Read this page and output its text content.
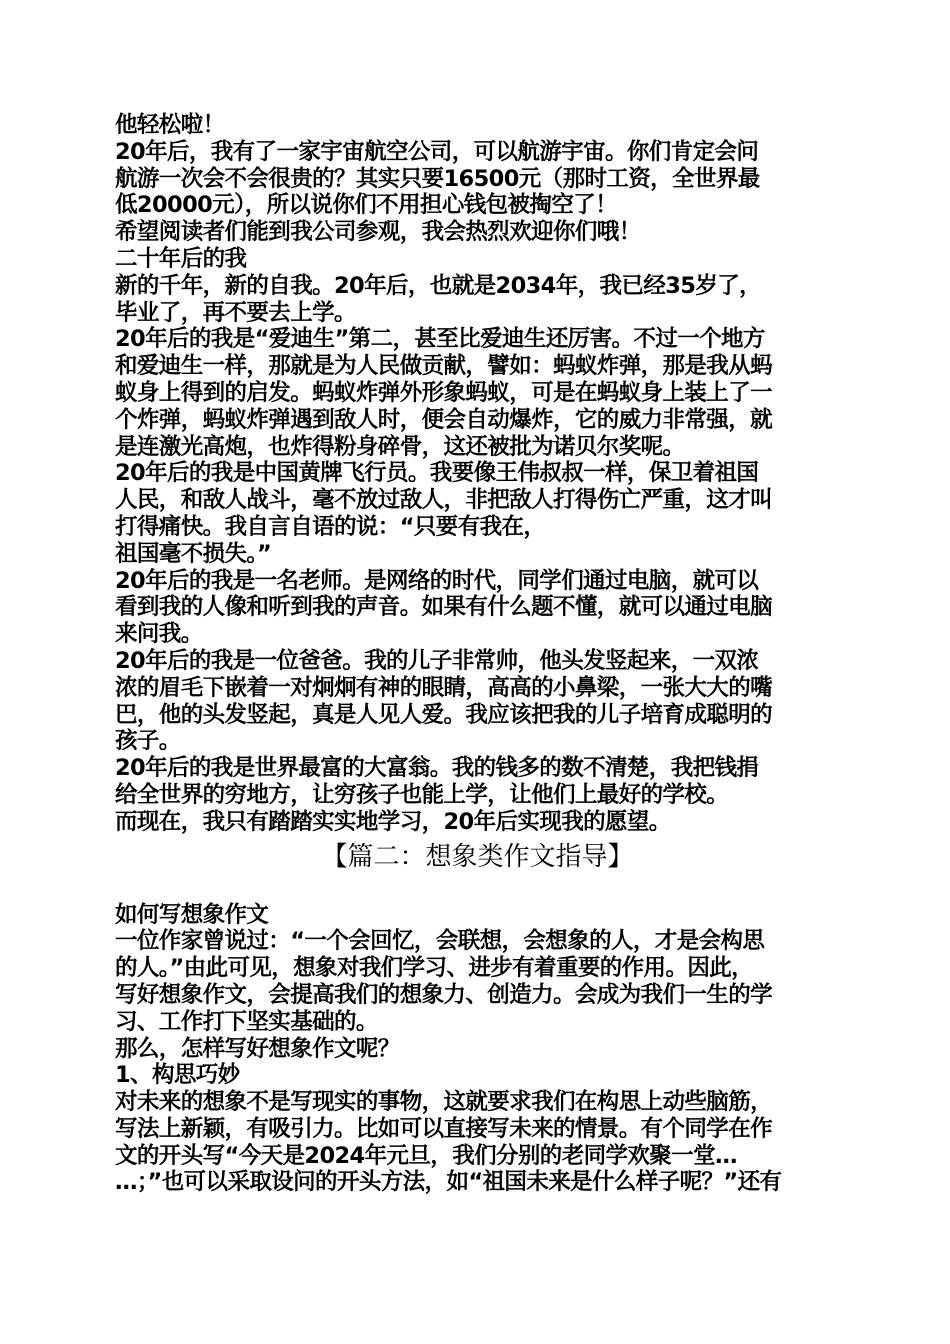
他轻松啦！

20年后，我有了一家宇宙航空公司，可以航游宇宙。你们肯定会问

航游一次会不会很贵的？其实只要16500元（那时工资，全世界最

低20000元），所以说你们不用担心钱包被掏空了！

希望阅读者们能到我公司参观，我会热烈欢迎你们哦！

二十年后的我

新的千年，新的自我。20年后，也就是2034年，我已经35岁了，

毕业了，再不要去上学。

20年后的我是“爱迪生”第二，甚至比爱迪生还厉害。不过一个地方

和爱迪生一样，那就是为人民做贡献，譬如：蚂蚁炸弹，那是我从蚂

蚁身上得到的启发。蚂蚁炸弹外形象蚂蚁，可是在蚂蚁身上装上了一

个炸弹，蚂蚁炸弹遇到敌人时，便会自动爆炸，它的威力非常强，就

是连激光高炮，也炸得粉身碎骨，这还被批为诺贝尔奖呢。

20年后的我是中国黄牌飞行员。我要像王伟叔叔一样，保卫着祖国

人民，和敌人战斗，毫不放过敌人，非把敌人打得伤亡严重，这才叫

打得痛快。我自言自语的说：“只要有我在，

祖国毫不损失。”

20年后的我是一名老师。是网络的时代，同学们通过电脑，就可以

看到我的人像和听到我的声音。如果有什么题不懂，就可以通过电脑

来问我。

20年后的我是一位爸爸。我的儿子非常帅，他头发竖起来，一双浓

浓的眉毛下嵌着一对炯炯有神的眼睛，高高的小鼻梁，一张大大的嘴

巴，他的头发竖起，真是人见人爱。我应该把我的儿子培育成聪明的

孩子。

20年后的我是世界最富的大富翁。我的钱多的数不清楚，我把钱捐

给全世界的穷地方，让穷孩子也能上学，让他们上最好的学校。

而现在，我只有踏踏实实地学习，20年后实现我的愿望。

【篇二：想象类作文指导】

如何写想象作文

一位作家曾说过：“一个会回忆，会联想，会想象的人，才是会构思

的人。”由此可见，想象对我们学习、进步有着重要的作用。因此，

写好想象作文，会提高我们的想象力、创造力。会成为我们一生的学

习、工作打下坚实基础的。

那么，怎样写好想象作文呢？

1、构思巧妙

对未来的想象不是写现实的事物，这就要求我们在构思上动些脑筋，

写法上新颖，有吸引力。比如可以直接写未来的情景。有个同学在作

文的开头写“今天是2024年元旦，我们分别的老同学欢聚一堂…

…；”也可以采取设问的开头方法，如“祖国未来是什么样子呢？”还有
